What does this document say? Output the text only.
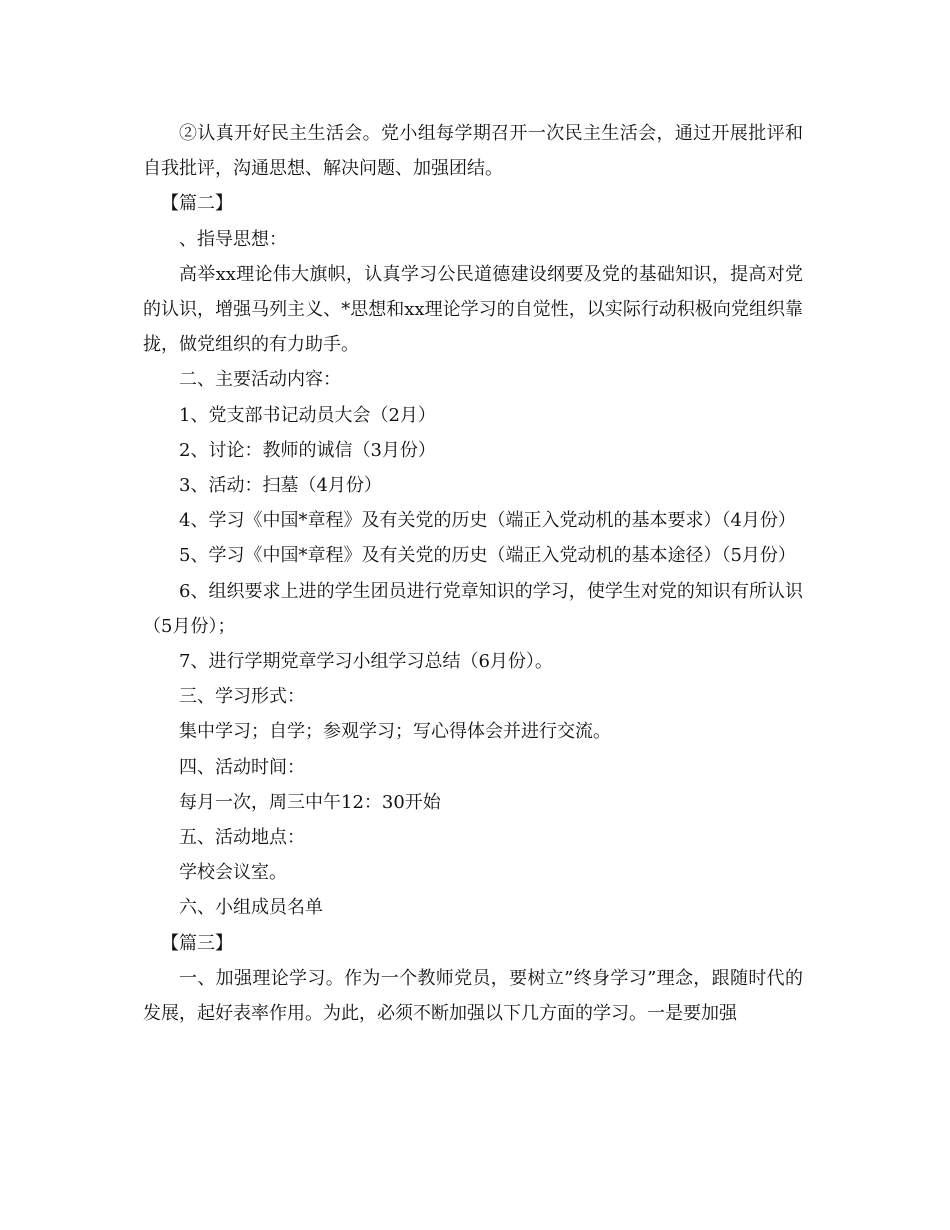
②认真开好民主生活会。党小组每学期召开一次民主生活会，通过开展批评和自我批评，沟通思想、解决问题、加强团结。

【篇二】

、指导思想：

高举xx理论伟大旗帜，认真学习公民道德建设纲要及党的基础知识，提高对党的认识，增强马列主义、*思想和xx理论学习的自觉性，以实际行动积极向党组织靠拢，做党组织的有力助手。

二、主要活动内容：

1、党支部书记动员大会（2月）

2、讨论：教师的诚信（3月份）

3、活动：扫墓（4月份）

4、学习《中国*章程》及有关党的历史（端正入党动机的基本要求）（4月份）

5、学习《中国*章程》及有关党的历史（端正入党动机的基本途径）（5月份）

6、组织要求上进的学生团员进行党章知识的学习，使学生对党的知识有所认识（5月份）；

7、进行学期党章学习小组学习总结（6月份）。

三、学习形式：

集中学习；自学；参观学习；写心得体会并进行交流。

四、活动时间：

每月一次，周三中午12：30开始

五、活动地点：

学校会议室。

六、小组成员名单

【篇三】

一、加强理论学习。作为一个教师党员，要树立”终身学习”理念，跟随时代的发展，起好表率作用。为此，必须不断加强以下几方面的学习。一是要加强
